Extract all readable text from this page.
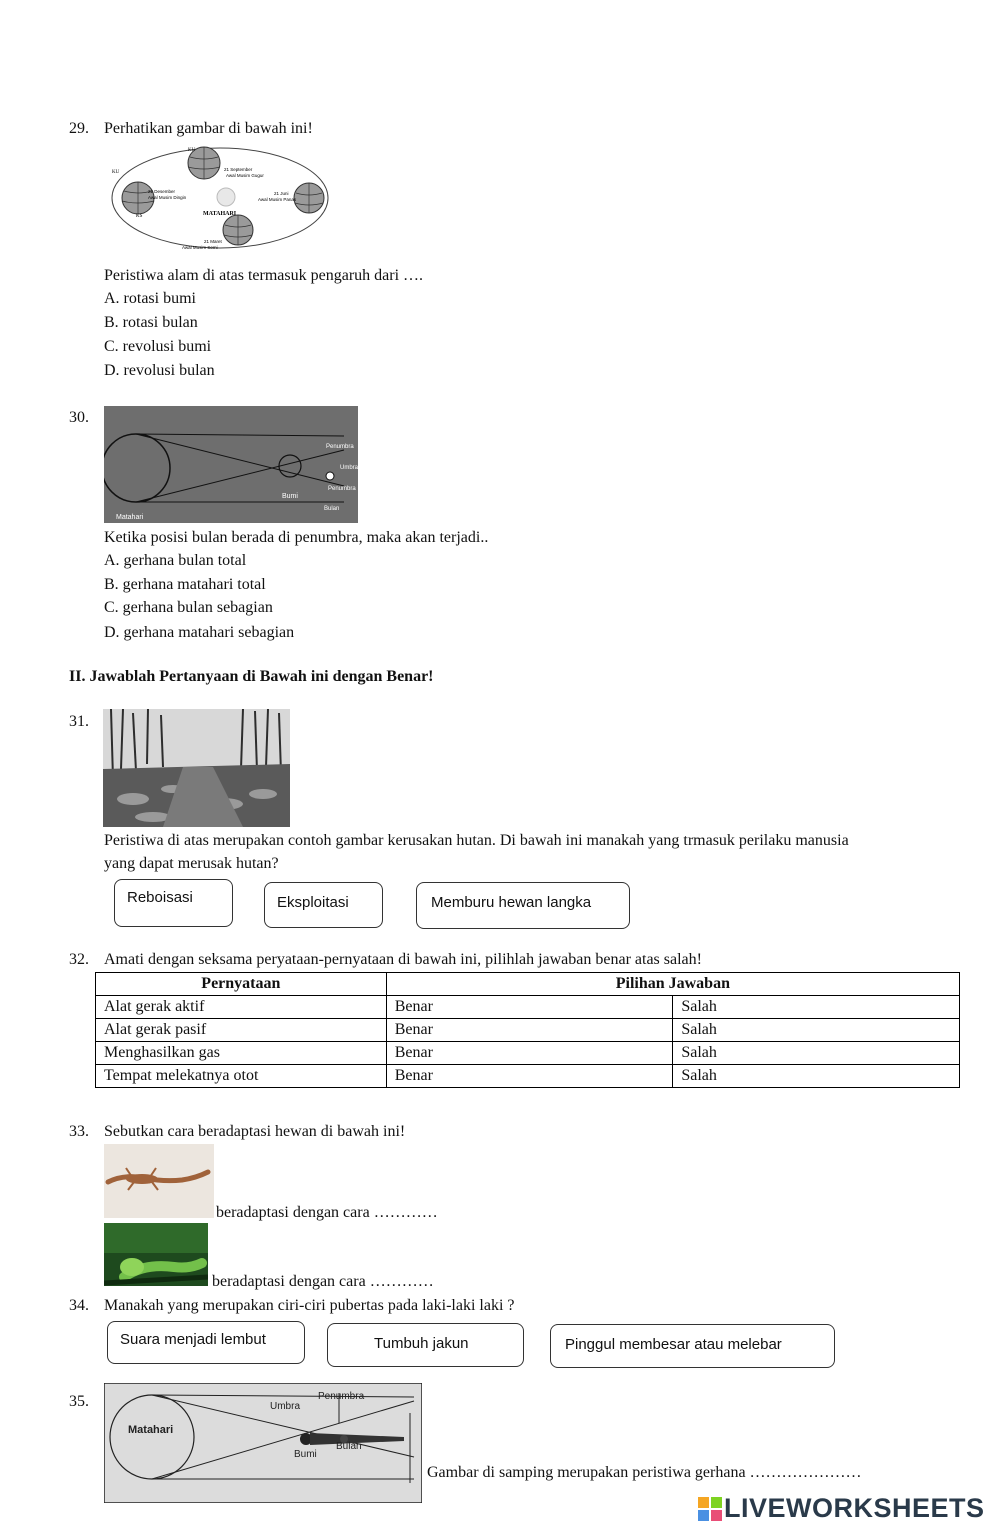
29. Perhatikan gambar di bawah ini!
MATAHARI
KU
21 September
Awal Musim Gugur
22 Desember
Awal Musim Dingin
21 Juni
Awal Musim Panas
21 Maret
Awal Musim Semi
KS
KU
Peristiwa alam di atas termasuk pengaruh dari ….
A. rotasi bumi
B. rotasi bulan
C. revolusi bumi
D. revolusi bulan
30.
Penumbra
Umbra
Penumbra
Bumi
Bulan
Matahari
Ketika posisi bulan berada di penumbra, maka akan terjadi..
A. gerhana bulan total
B. gerhana matahari total
C. gerhana bulan sebagian
D. gerhana matahari sebagian
II. Jawablah Pertanyaan di Bawah ini dengan Benar!
31.
Peristiwa di atas merupakan contoh gambar kerusakan hutan. Di bawah ini manakah yang trmasuk perilaku manusia
yang dapat merusak hutan?
Reboisasi	Eksploitasi	Memburu hewan langka
32. Amati dengan seksama peryataan-pernyataan di bawah ini, pilihlah jawaban benar atas salah!
Pernyataan	Pilihan Jawaban	
Alat gerak aktif	Benar	Salah
Alat gerak pasif	Benar	Salah
Menghasilkan gas	Benar	Salah
Tempat melekatnya otot	Benar	Salah
33. Sebutkan cara beradaptasi hewan di bawah ini!
beradaptasi dengan cara …………
beradaptasi dengan cara …………
34. Manakah yang merupakan ciri-ciri pubertas pada laki-laki laki ?
Suara menjadi lembut	Tumbuh jakun	Pinggul membesar atau melebar
35.
Matahari
Umbra
Penumbra
Bumi
Bulan
Gambar di samping merupakan peristiwa gerhana …………………
LIVEWORKSHEETS
